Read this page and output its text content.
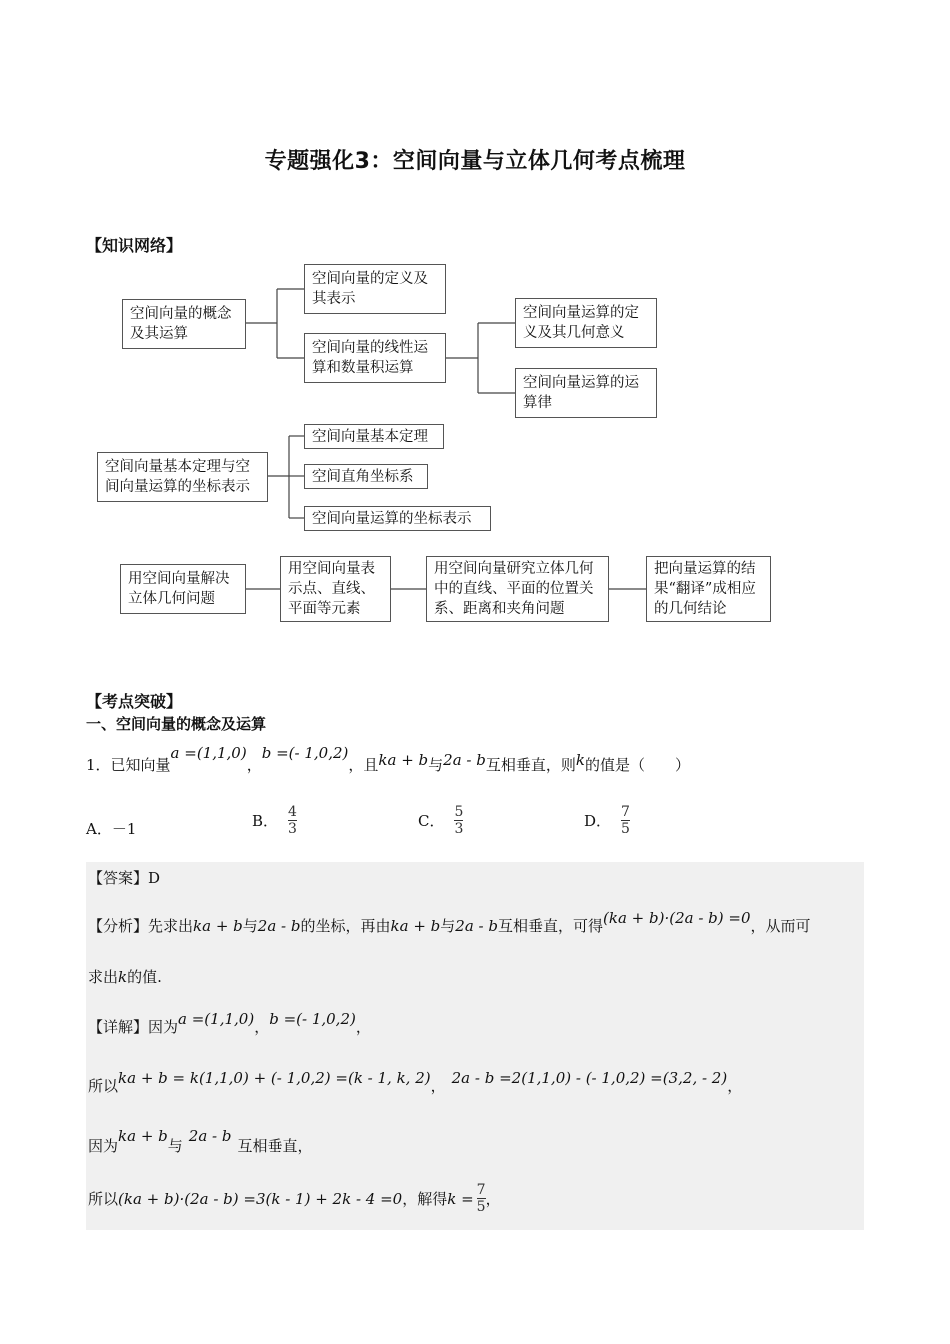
专题强化3：空间向量与立体几何考点梳理
【知识网络】
空间向量的概念及其运算
空间向量的定义及其表示
空间向量的线性运算和数量积运算
空间向量运算的定义及其几何意义
空间向量运算的运算律
空间向量基本定理与空间向量运算的坐标表示
空间向量基本定理
空间直角坐标系
空间向量运算的坐标表示
用空间向量解决立体几何问题
用空间向量表示点、直线、平面等元素
用空间向量研究立体几何中的直线、平面的位置关系、距离和夹角问题
把向量运算的结果“翻译”成相应的几何结论
【考点突破】
一、空间向量的概念及运算
1．已知向量a =(1,1,0)，b =(- 1,0,2)，且ka + b与2a - b互相垂直，则k的值是（　　）
A．－1	B． $\frac{4}{3}$	C． $\frac{5}{3}$	D． $\frac{7}{5}$
【答案】D
【分析】先求出ka + b与2a - b的坐标，再由ka + b与2a - b互相垂直，可得(ka + b)·(2a - b) =0，从而可
求出k的值.
【详解】因为a =(1,1,0)，b =(- 1,0,2)，
所以ka + b = k(1,1,0) + (- 1,0,2) =(k - 1, k, 2)， 2a - b =2(1,1,0) - (- 1,0,2) =(3,2, - 2)，
因为ka + b与2a - b互相垂直，
所以 (ka + b)·(2a - b) =3(k - 1) + 2k - 4 =0 ，解得 $k = \frac{7}{5}$ ，
